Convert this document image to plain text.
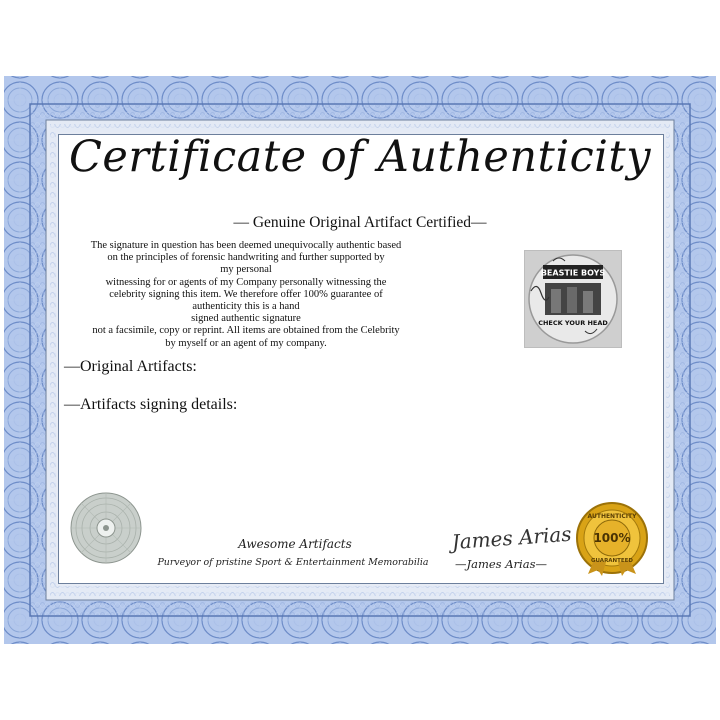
Certificate of Authenticity
— Genuine Original Artifact Certified—
The signature in question has been deemed unequivocally authentic based
on the principles of forensic handwriting and further supported by
my personal
witnessing for or agents of my Company personally witnessing the
celebrity signing this item. We therefore offer 100% guarantee of
authenticity this is a hand
signed authentic signature
not a facsimile, copy or reprint. All items are obtained from the Celebrity
by myself or an agent of my company.
—Original Artifacts:
—Artifacts signing details:
BEASTIE BOYS
CHECK YOUR HEAD
Awesome Artifacts
Purveyor of pristine Sport & Entertainment Memorabilia
James Arias
—James Arias—
AUTHENTICITY
100%
GUARANTEED
